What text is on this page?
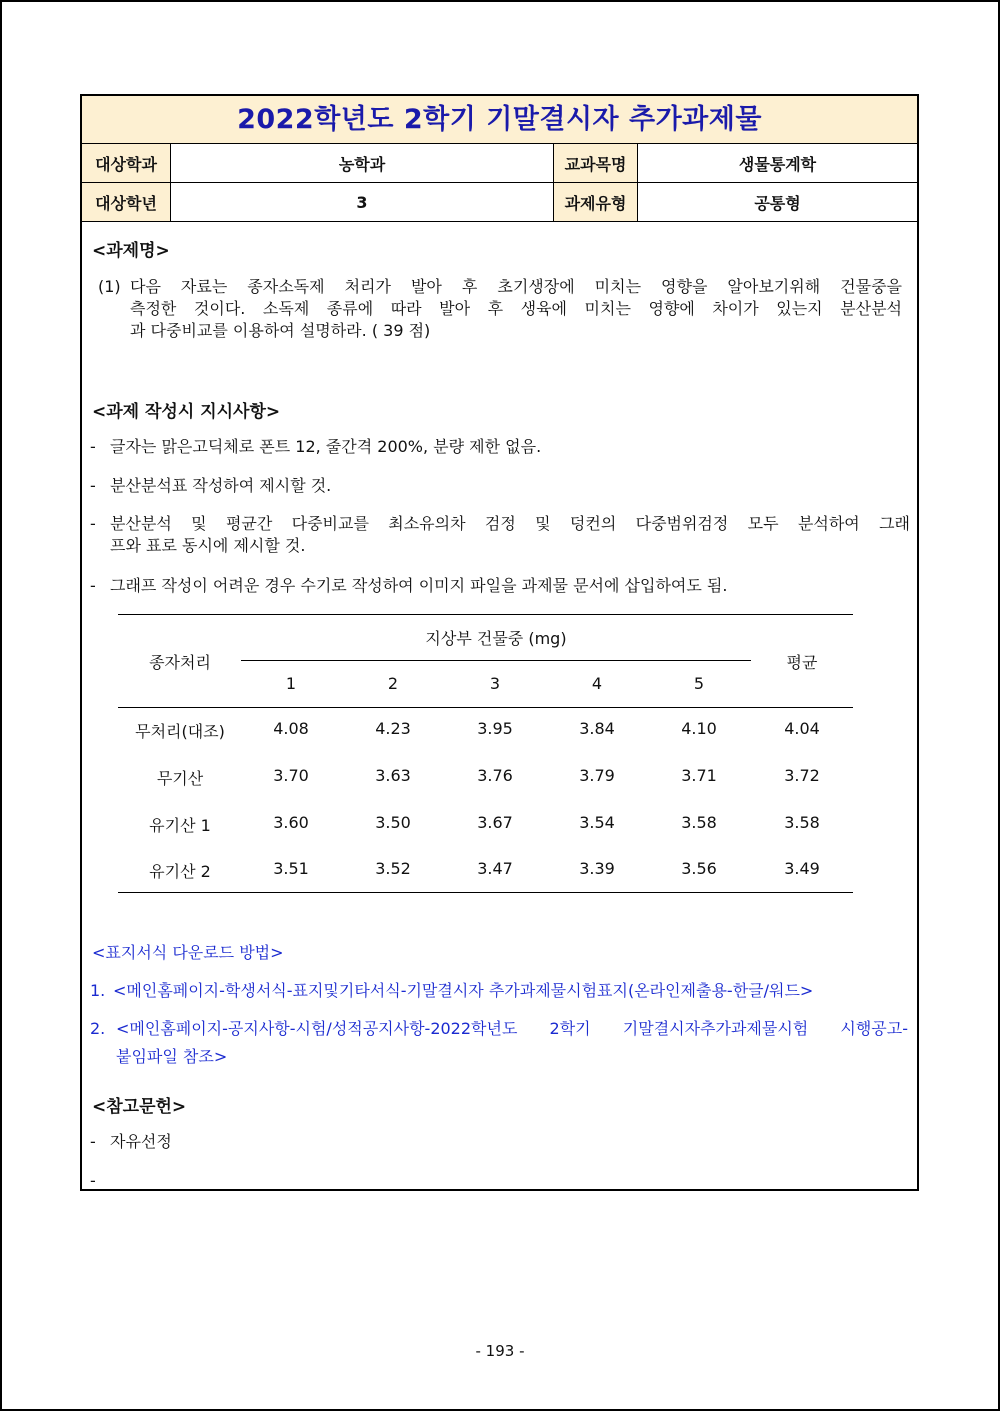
2022학년도 2학기 기말결시자 추가과제물
대상학과	농학과	교과목명	생물통계학
대상학년	3	과제유형	공통형
<과제명>
(1) 다음 자료는 종자소독제 처리가 발아 후 초기생장에 미치는 영향을 알아보기위해 건물중을
측정한 것이다. 소독제 종류에 따라 발아 후 생육에 미치는 영향에 차이가 있는지 분산분석
과 다중비교를 이용하여 설명하라. ( 39 점)
<과제 작성시 지시사항>
- 글자는 맑은고딕체로 폰트 12, 줄간격 200%, 분량 제한 없음.
- 분산분석표 작성하여 제시할 것.
- 분산분석 및 평균간 다중비교를 최소유의차 검정 및 덩컨의 다중범위검정 모두 분석하여 그래
프와 표로 동시에 제시할 것.
- 그래프 작성이 어려운 경우 수기로 작성하여 이미지 파일을 과제물 문서에 삽입하여도 됨.
종자처리
지상부 건물중 (mg)
평균
1	2	3	4	5
무처리(대조)	4.08	4.23	3.95	3.84	4.10	4.04
무기산	3.70	3.63	3.76	3.79	3.71	3.72
유기산 1	3.60	3.50	3.67	3.54	3.58	3.58
유기산 2	3.51	3.52	3.47	3.39	3.56	3.49
<표지서식 다운로드 방법>
1. <메인홈페이지-학생서식-표지및기타서식-기말결시자 추가과제물시험표지(온라인제출용-한글/워드>
2. <메인홈페이지-공지사항-시험/성적공지사항-2022학년도 2학기 기말결시자추가과제물시험 시행공고-
붙임파일 참조>
<참고문헌>
- 자유선정
-
- 193 -
